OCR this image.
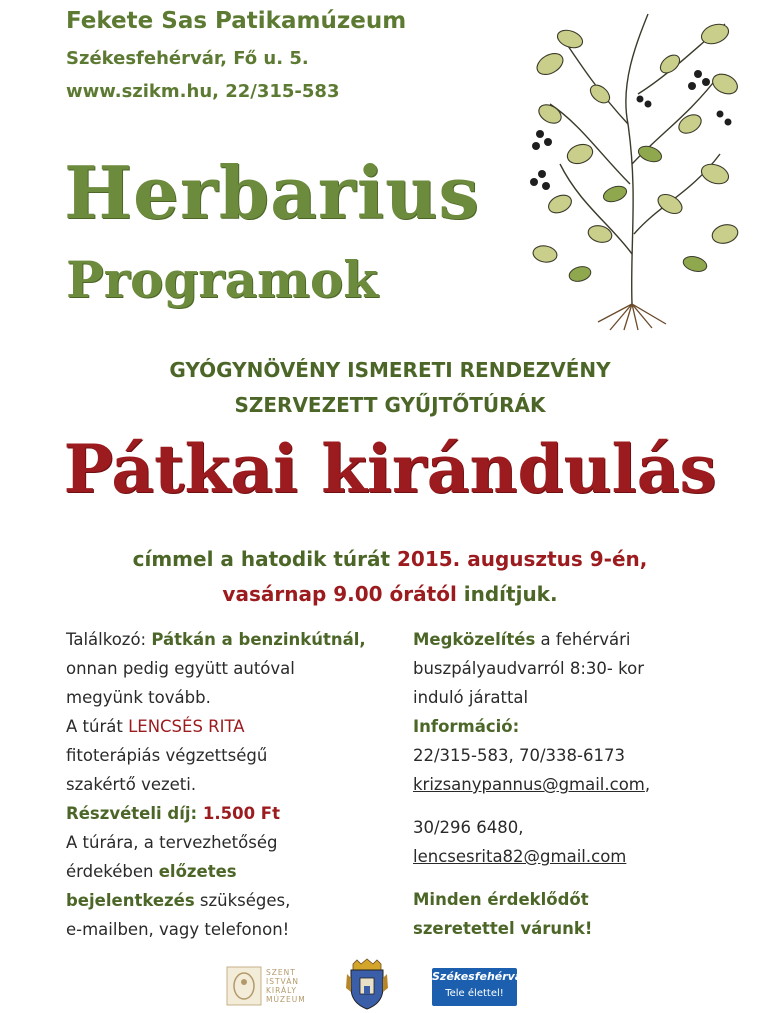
Fekete Sas Patikamúzeum
Székesfehérvár, Fő u. 5.
www.szikm.hu, 22/315-583
Herbarius
Programok
GYÓGYNÖVÉNY ISMERETI RENDEZVÉNY
SZERVEZETT GYŰJTŐTÚRÁK
Pátkai kirándulás
címmel a hatodik túrát 2015. augusztus 9-én,
vasárnap 9.00 órától indítjuk.
Találkozó: Pátkán a benzinkútnál,
onnan pedig együtt autóval
megyünk tovább.
A túrát LENCSÉS RITA
fitoterápiás végzettségű
szakértő vezeti.
Részvételi díj: 1.500 Ft
A túrára, a tervezhetőség
érdekében előzetes
bejelentkezés szükséges,
e-mailben, vagy telefonon!
Megközelítés a fehérvári
buszpályaudvarról 8:30- kor
induló járattal
Információ:
22/315-583, 70/338-6173
krizsanypannus@gmail.com,
30/296 6480,
lencsesrita82@gmail.com
Minden érdeklődőt
szeretettel várunk!
SZENT
ISTVÁN
KIRÁLY
MÚZEUM
Székesfehérvár
Tele élettel!
